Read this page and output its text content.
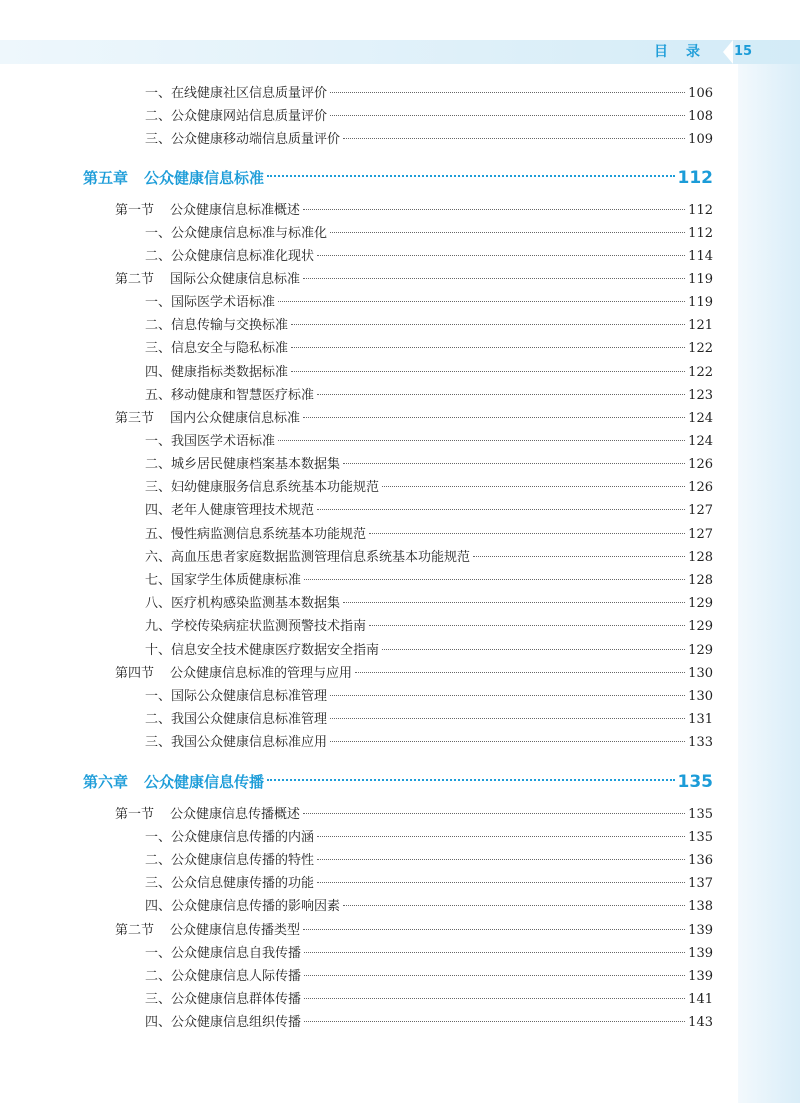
目录 15
一、在线健康社区信息质量评价	106
二、公众健康网站信息质量评价	108
三、公众健康移动端信息质量评价	109
第五章 公众健康信息标准	112
第一节 公众健康信息标准概述	112
一、公众健康信息标准与标准化	112
二、公众健康信息标准化现状	114
第二节 国际公众健康信息标准	119
一、国际医学术语标准	119
二、信息传输与交换标准	121
三、信息安全与隐私标准	122
四、健康指标类数据标准	122
五、移动健康和智慧医疗标准	123
第三节 国内公众健康信息标准	124
一、我国医学术语标准	124
二、城乡居民健康档案基本数据集	126
三、妇幼健康服务信息系统基本功能规范	126
四、老年人健康管理技术规范	127
五、慢性病监测信息系统基本功能规范	127
六、高血压患者家庭数据监测管理信息系统基本功能规范	128
七、国家学生体质健康标准	128
八、医疗机构感染监测基本数据集	129
九、学校传染病症状监测预警技术指南	129
十、信息安全技术健康医疗数据安全指南	129
第四节 公众健康信息标准的管理与应用	130
一、国际公众健康信息标准管理	130
二、我国公众健康信息标准管理	131
三、我国公众健康信息标准应用	133
第六章 公众健康信息传播	135
第一节 公众健康信息传播概述	135
一、公众健康信息传播的内涵	135
二、公众健康信息传播的特性	136
三、公众信息健康传播的功能	137
四、公众健康信息传播的影响因素	138
第二节 公众健康信息传播类型	139
一、公众健康信息自我传播	139
二、公众健康信息人际传播	139
三、公众健康信息群体传播	141
四、公众健康信息组织传播	143
